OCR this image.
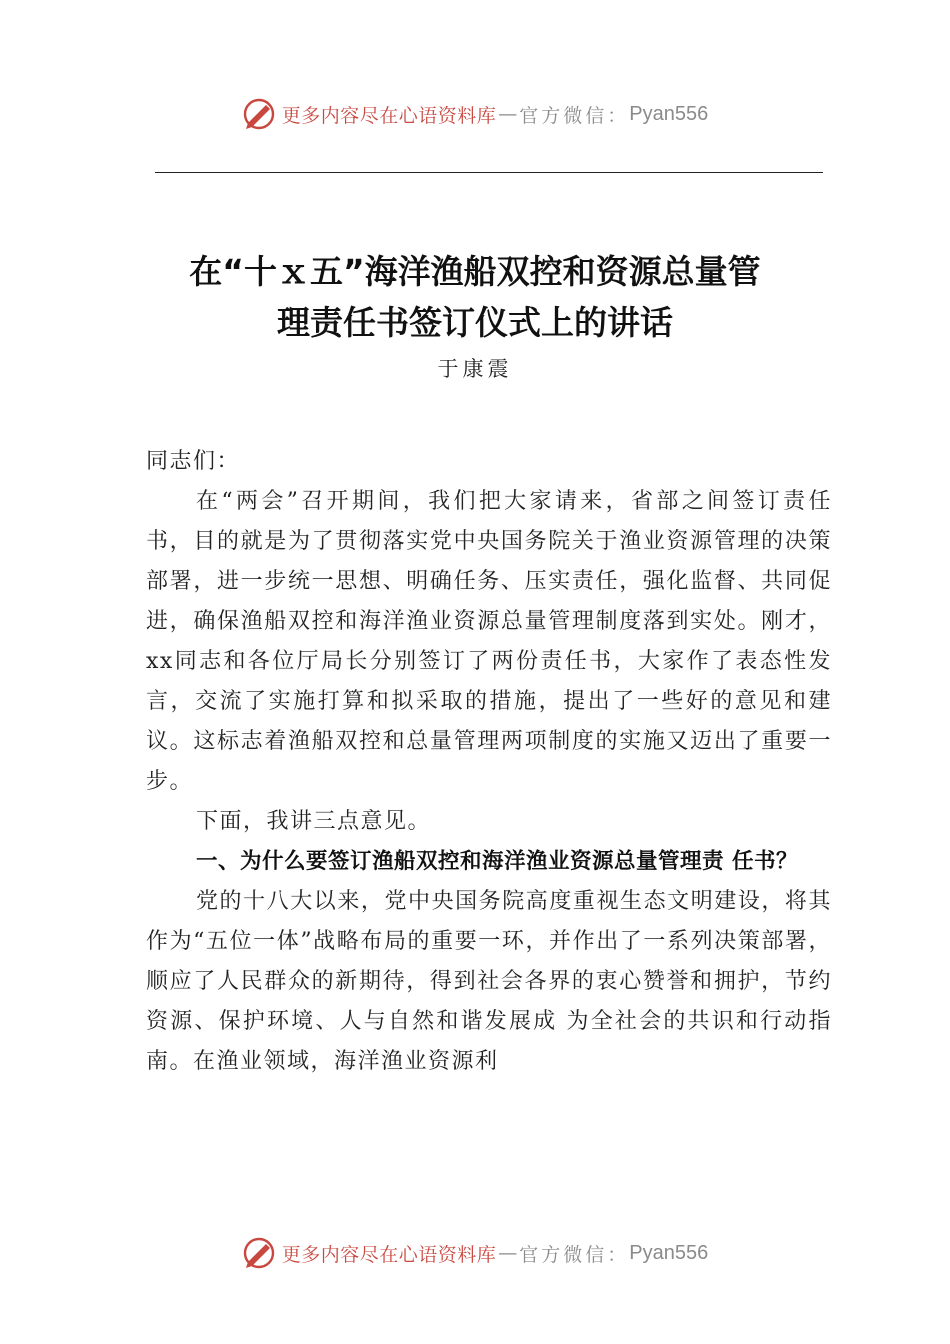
更多内容尽在心语资料库 — 官方微信： Pyan556
在“十ｘ五”海洋渔船双控和资源总量管
理责任书签订仪式上的讲话
于康震

同志们：

在“两会”召开期间，我们把大家请来，省部之间签订责任书，目的就是为了贯彻落实党中央国务院关于渔业资源管理的决策部署，进一步统一思想、明确任务、压实责任，强化监督、共同促进，确保渔船双控和海洋渔业资源总量管理制度落到实处。刚才，xx同志和各位厅局长分别签订了两份责任书，大家作了表态性发言，交流了实施打算和拟采取的措施，提出了一些好的意见和建议。这标志着渔船双控和总量管理两项制度的实施又迈出了重要一步。

下面，我讲三点意见。

一、为什么要签订渔船双控和海洋渔业资源总量管理责 任书？

党的十八大以来，党中央国务院高度重视生态文明建设，将其作为“五位一体”战略布局的重要一环，并作出了一系列决策部署，顺应了人民群众的新期待，得到社会各界的衷心赞誉和拥护，节约资源、保护环境、人与自然和谐发展成 为全社会的共识和行动指南。在渔业领域，海洋渔业资源利

更多内容尽在心语资料库 — 官方微信： Pyan556
